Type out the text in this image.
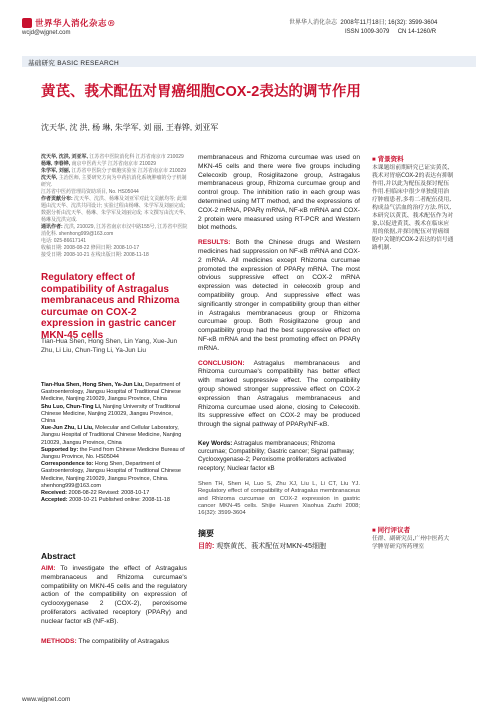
世界华人消化杂志®
wcjd@wjgnet.com
世界华人消化杂志 2008年11月18日; 16(32): 3599-3604
ISSN 1009-3079 CN 14-1260/R
基础研究 BASIC RESEARCH
黄芪、莪术配伍对胃癌细胞COX-2表达的调节作用
沈天华, 沈 洪, 杨 琳, 朱学军, 刘 丽, 王春铧, 刘亚军
沈天华, 沈洪, 刘亚军, 江苏省中医院消化科 江苏省南京市 210029
杨琳, 李春铧, 南京中医药大学 江苏省南京市 210029
朱学军, 刘丽, 江苏省中医院分子细胞实验室 江苏省南京市 210029
沈天华, 主治医师, 主要研究方向为中药抗消化系统肿瘤的分子机制研究.
江苏省中医药管理局资助项目, No. HS05044
作者贡献分布: 沈天华、沈洪、杨琳及刘亚军对此文贡献均等; 此课题由沈天华、沈洪共同设计; 实验过程由杨琳、朱学军及刘丽完成; 数据分析由沈天华、杨琳、朱学军及刘丽完成; 本文撰写由沈天华、杨琳及沈洪完成.
通讯作者: 沈洪, 210029, 江苏省南京市汉中路155号, 江苏省中医院消化科. shenhong999@163.com
电话: 025-86617141
收稿日期: 2008-08-22 修回日期: 2008-10-17
接受日期: 2008-10-21 在线出版日期: 2008-11-18
Regulatory effect of compatibility of Astragalus membranaceus and Rhizoma curcumae on COX-2 expression in gastric cancer MKN-45 cells
Tian-Hua Shen, Hong Shen, Lin Yang, Xue-Jun Zhu, Li Liu, Chun-Ting Li, Ya-Jun Liu
Tian-Hua Shen, Hong Shen, Ya-Jun Liu, Department of Gastroenterology, Jiangsu Hospital of Traditional Chinese Medicine, Nanjing 210029, Jiangsu Province, China
Shu Luo, Chun-Ting Li, Nanjing University of Traditional Chinese Medicine, Nanjing 210029, Jiangsu Province, China
Xue-Jun Zhu, Li Liu, Molecular and Cellular Laboratory, Jiangsu Hospital of Traditional Chinese Medicine, Nanjing 210029, Jiangsu Province, China
Supported by: the Fund from Chinese Medicine Bureau of Jiangsu Province, No. HS05044
Correspondence to: Hong Shen, Department of Gastroenterology, Jiangsu Hospital of Traditional Chinese Medicine, Nanjing 210029, Jiangsu Province, China. shenhong999@163.com
Received: 2008-08-22 Revised: 2008-10-17
Accepted: 2008-10-21 Published online: 2008-11-18
Abstract
AIM: To investigate the effect of Astragalus membranaceus and Rhizoma curcumae's compatibility on MKN-45 cells and the regulatory action of the compatibility on expression of cyclooxygenase 2 (COX-2), peroxisome proliferators activated receptory (PPARγ) and nuclear factor κB (NF-κB).
METHODS: The compatibility of Astragalus

membranaceus and Rhizoma curcumae was used on MKN-45 cells and there were five groups including Celecoxib group, Rosiglitazone group, Astragalus membranaceus group, Rhizoma curcumae group and control group. The inhibition ratio in each group was determined using MTT method, and the expressions of COX-2 mRNA, PPARγ mRNA, NF-κB mRNA and COX-2 protein were measured using RT-PCR and Western blot methods.

RESULTS: Both the Chinese drugs and Western medicines had suppression on NF-κB mRNA and COX-2 mRNA. All medicines except Rhizoma curcumae promoted the expression of PPARγ mRNA. The most obvious suppressive effect on COX-2 mRNA expression was detected in celecoxib group and compatibility group. And suppressive effect was significantly stronger in compatibility group than either in Astragalus membranaceus group or Rhizoma curcumae group. Both Rosiglitazone group and compatibility group had the best suppressive effect on NF-κB mRNA and the best promoting effect on PPARγ mRNA.

CONCLUSION: Astragalus membranaceus and Rhizoma curcumae's compatibility has better effect with marked suppressive effect. The compatibility group showed stronger suppressive effect on COX-2 expression than Astragalus membranaceus and Rhizoma curcumae used alone, closing to Celecoxib. Its suppressive effect on COX-2 may be produced through the signal pathway of PPARγ/NF-κB.

Key Words: Astragalus membranaceus; Rhizoma curcumae; Compatibility; Gastric cancer; Signal pathway; Cyclooxygenase-2; Peroxisome proliferators activated receptory; Nuclear factor κB
Shen TH, Shen H, Luo S, Zhu XJ, Liu L, Li CT, Liu YJ. Regulatory effect of compatibility of Astragalus membranaceus and Rhizoma curcumae on COX-2 expression in gastric cancer MKN-45 cells. Shijie Huaren Xiaohua Zazhi 2008; 16(32): 3599-3604
摘要
目的: 观察黄芪、莪术配伍对MKN-45细胞
■ 背景资料
本课题组前期研究已证实黄芪、莪术对胃癌COX-2的表达有抑制作用,并以此为配伍及探讨配伍作用.但临床中很少单独使用治疗肿瘤患者,多将二者配伍使用,构成益气活血的治疗方法.所以,本研究以黄芪、莪术配伍作为对象,以促进黄芪、莪术在临床应用的依据,并探讨配伍对胃癌细胞中关键的COX-2表达的信号通路机制.
■ 同行评议者
任群、副研究员,广州中医药大学脾胃研究所药理室
www.wjgnet.com
